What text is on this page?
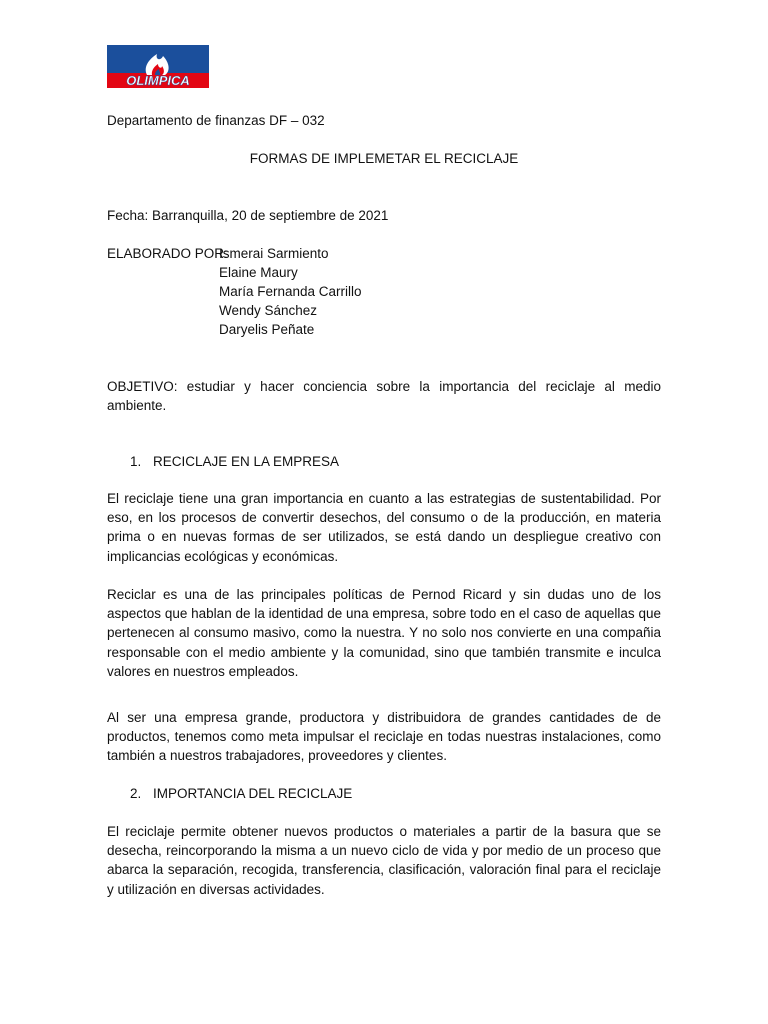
OLIMPICA
Departamento de finanzas DF – 032
FORMAS DE IMPLEMETAR EL RECICLAJE
Fecha: Barranquilla, 20 de septiembre de 2021
ELABORADO POR:
Ismerai Sarmiento
Elaine Maury
María Fernanda Carrillo
Wendy Sánchez
Daryelis Peñate
OBJETIVO: estudiar y hacer conciencia sobre la importancia del reciclaje al medio ambiente.
1. RECICLAJE EN LA EMPRESA
El reciclaje tiene una gran importancia en cuanto a las estrategias de sustentabilidad. Por eso, en los procesos de convertir desechos, del consumo o de la producción, en materia prima o en nuevas formas de ser utilizados, se está dando un despliegue creativo con implicancias ecológicas y económicas.
Reciclar es una de las principales políticas de Pernod Ricard y sin dudas uno de los aspectos que hablan de la identidad de una empresa, sobre todo en el caso de aquellas que pertenecen al consumo masivo, como la nuestra. Y no solo nos convierte en una compañia responsable con el medio ambiente y la comunidad, sino que también transmite e inculca valores en nuestros empleados.
Al ser una empresa grande, productora y distribuidora de grandes cantidades de de productos, tenemos como meta impulsar el reciclaje en todas nuestras instalaciones, como también a nuestros trabajadores, proveedores y clientes.
2. IMPORTANCIA DEL RECICLAJE
El reciclaje permite obtener nuevos productos o materiales a partir de la basura que se desecha, reincorporando la misma a un nuevo ciclo de vida y por medio de un proceso que abarca la separación, recogida, transferencia, clasificación, valoración final para el reciclaje y utilización en diversas actividades.
